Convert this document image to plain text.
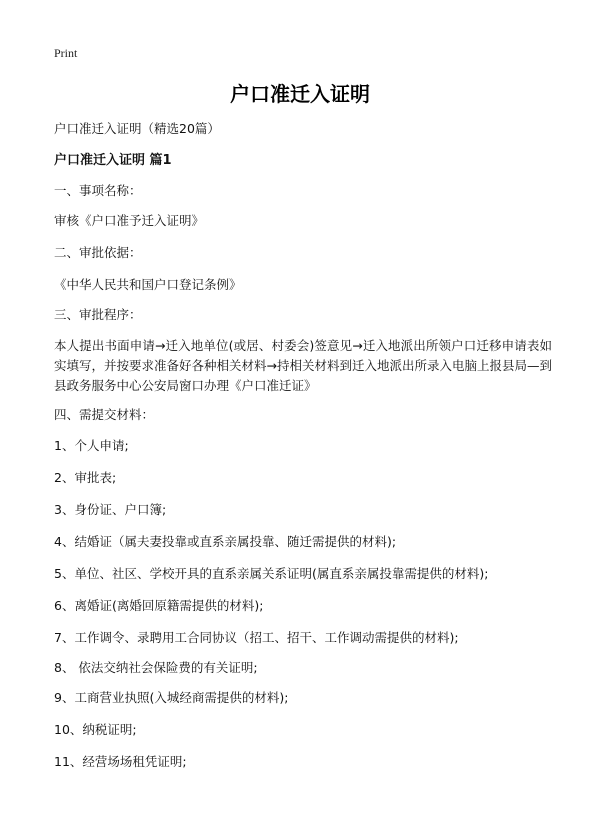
Print
户口准迁入证明
户口准迁入证明（精选20篇）
户口准迁入证明 篇1
一、事项名称：
审核《户口准予迁入证明》
二、审批依据：
《中华人民共和国户口登记条例》
三、审批程序：
本人提出书面申请→迁入地单位(或居、村委会)签意见→迁入地派出所领户口迁移申请表如实填写，并按要求准备好各种相关材料→持相关材料到迁入地派出所录入电脑上报县局—到县政务服务中心公安局窗口办理《户口准迁证》
四、需提交材料：
1、个人申请;
2、审批表;
3、身份证、户口簿;
4、结婚证（属夫妻投靠或直系亲属投靠、随迁需提供的材料);
5、单位、社区、学校开具的直系亲属关系证明(属直系亲属投靠需提供的材料);
6、离婚证(离婚回原籍需提供的材料);
7、工作调令、录聘用工合同协议（招工、招干、工作调动需提供的材料);
8、 依法交纳社会保险费的有关证明;
9、工商营业执照(入城经商需提供的材料);
10、纳税证明;
11、经营场场租凭证明;
